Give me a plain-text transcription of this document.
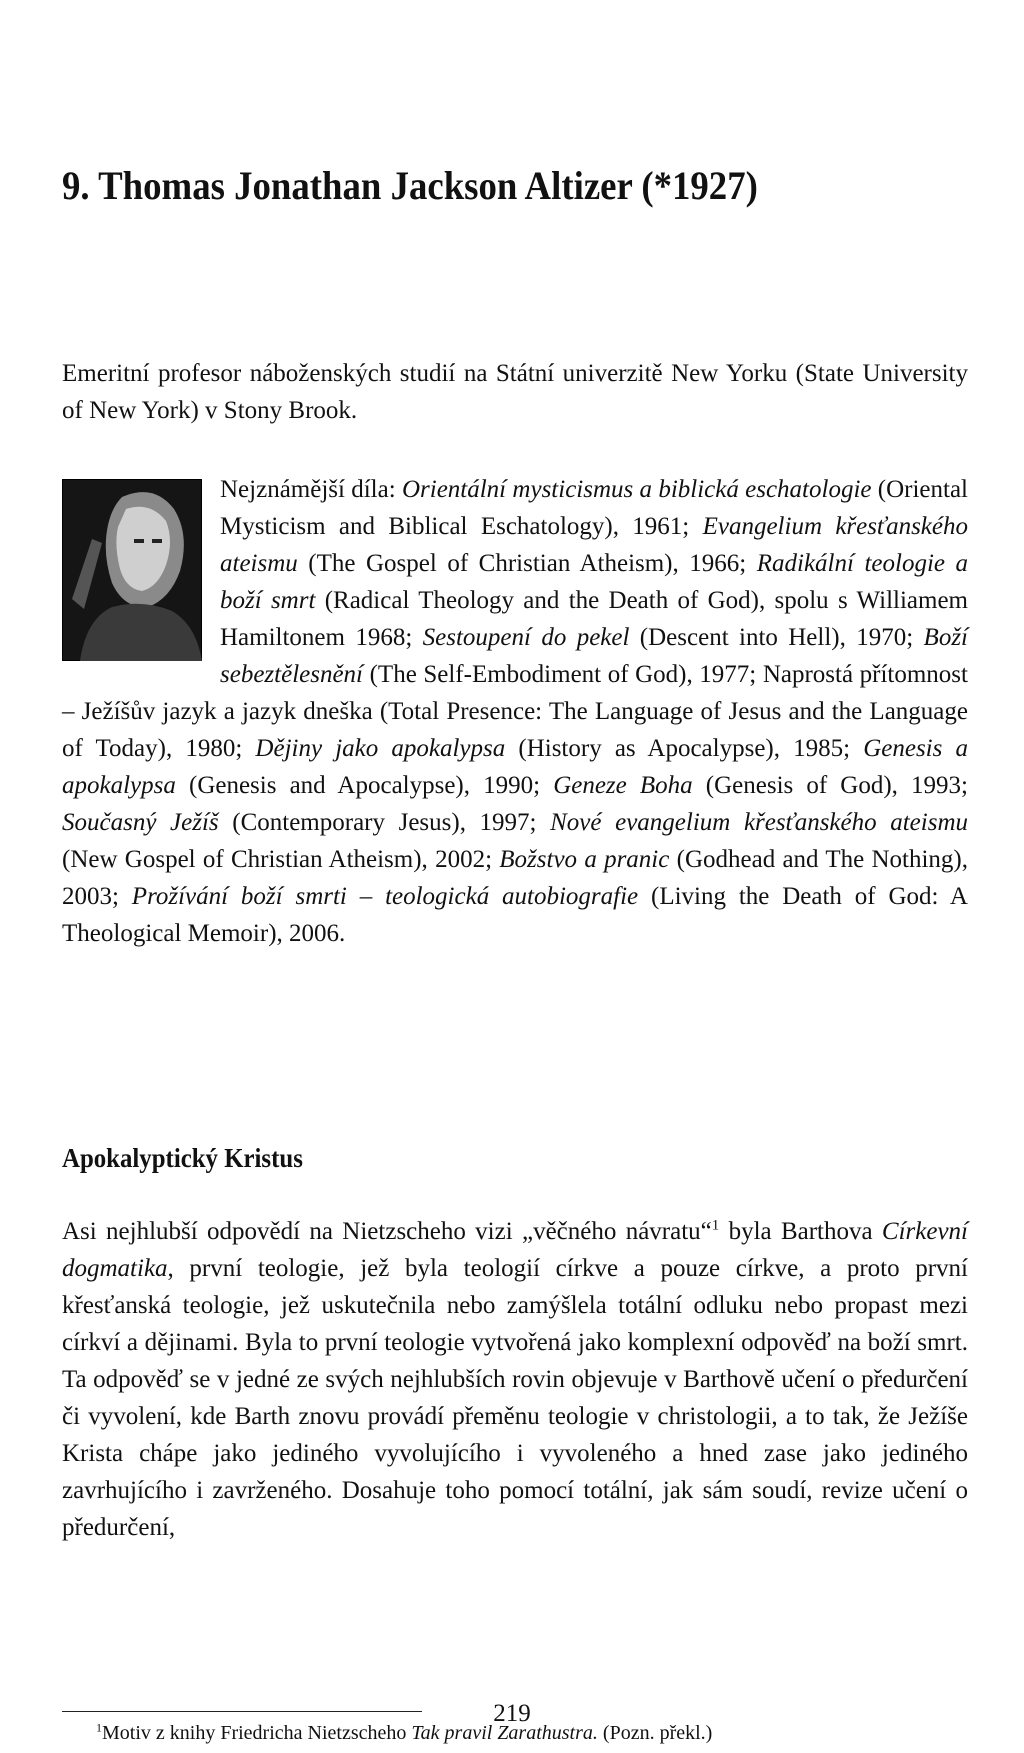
9. Thomas Jonathan Jackson Altizer (*1927)

Emeritní profesor náboženských studií na Státní univerzitě New Yorku (State University of New York) v Stony Brook.

Nejznámější díla: Orientální mysticismus a biblická eschatologie (Oriental Mysticism and Biblical Eschatology), 1961; Evangelium křesťanského ateismu (The Gospel of Christian Atheism), 1966; Radikální teologie a boží smrt (Radical Theology and the Death of God), spolu s Williamem Hamiltonem 1968; Sestoupení do pekel (Descent into Hell), 1970; Boží sebeztělesnění (The Self-Embodiment of God), 1977; Naprostá přítomnost – Ježíšův jazyk a jazyk dneška (Total Presence: The Language of Jesus and the Language of Today), 1980; Dějiny jako apokalypsa (History as Apocalypse), 1985; Genesis a apokalypsa (Genesis and Apocalypse), 1990; Geneze Boha (Genesis of God), 1993; Současný Ježíš (Contemporary Jesus), 1997; Nové evangelium křesťanského ateismu (New Gospel of Christian Atheism), 2002; Božstvo a pranic (Godhead and The Nothing), 2003; Prožívání boží smrti – teologická autobiografie (Living the Death of God: A Theological Memoir), 2006.
Apokalyptický Kristus

Asi nejhlubší odpovědí na Nietzscheho vizi „věčného návratu“$^1$ byla Barthova Církevní dogmatika, první teologie, jež byla teologií církve a pouze církve, a proto první křesťanská teologie, jež uskutečnila nebo zamýšlela totální odluku nebo propast mezi církví a dějinami. Byla to první teologie vytvořená jako komplexní odpověď na boží smrt. Ta odpověď se v jedné ze svých nejhlubších rovin objevuje v Barthově učení o předurčení či vyvolení, kde Barth znovu provádí přeměnu teologie v christologii, a to tak, že Ježíše Krista chápe jako jediného vyvolujícího i vyvoleného a hned zase jako jediného zavrhujícího i zavrženého. Dosahuje toho pomocí totální, jak sám soudí, revize učení o předurčení,

$^1$Motiv z knihy Friedricha Nietzscheho Tak pravil Zarathustra. (Pozn. překl.)

219
